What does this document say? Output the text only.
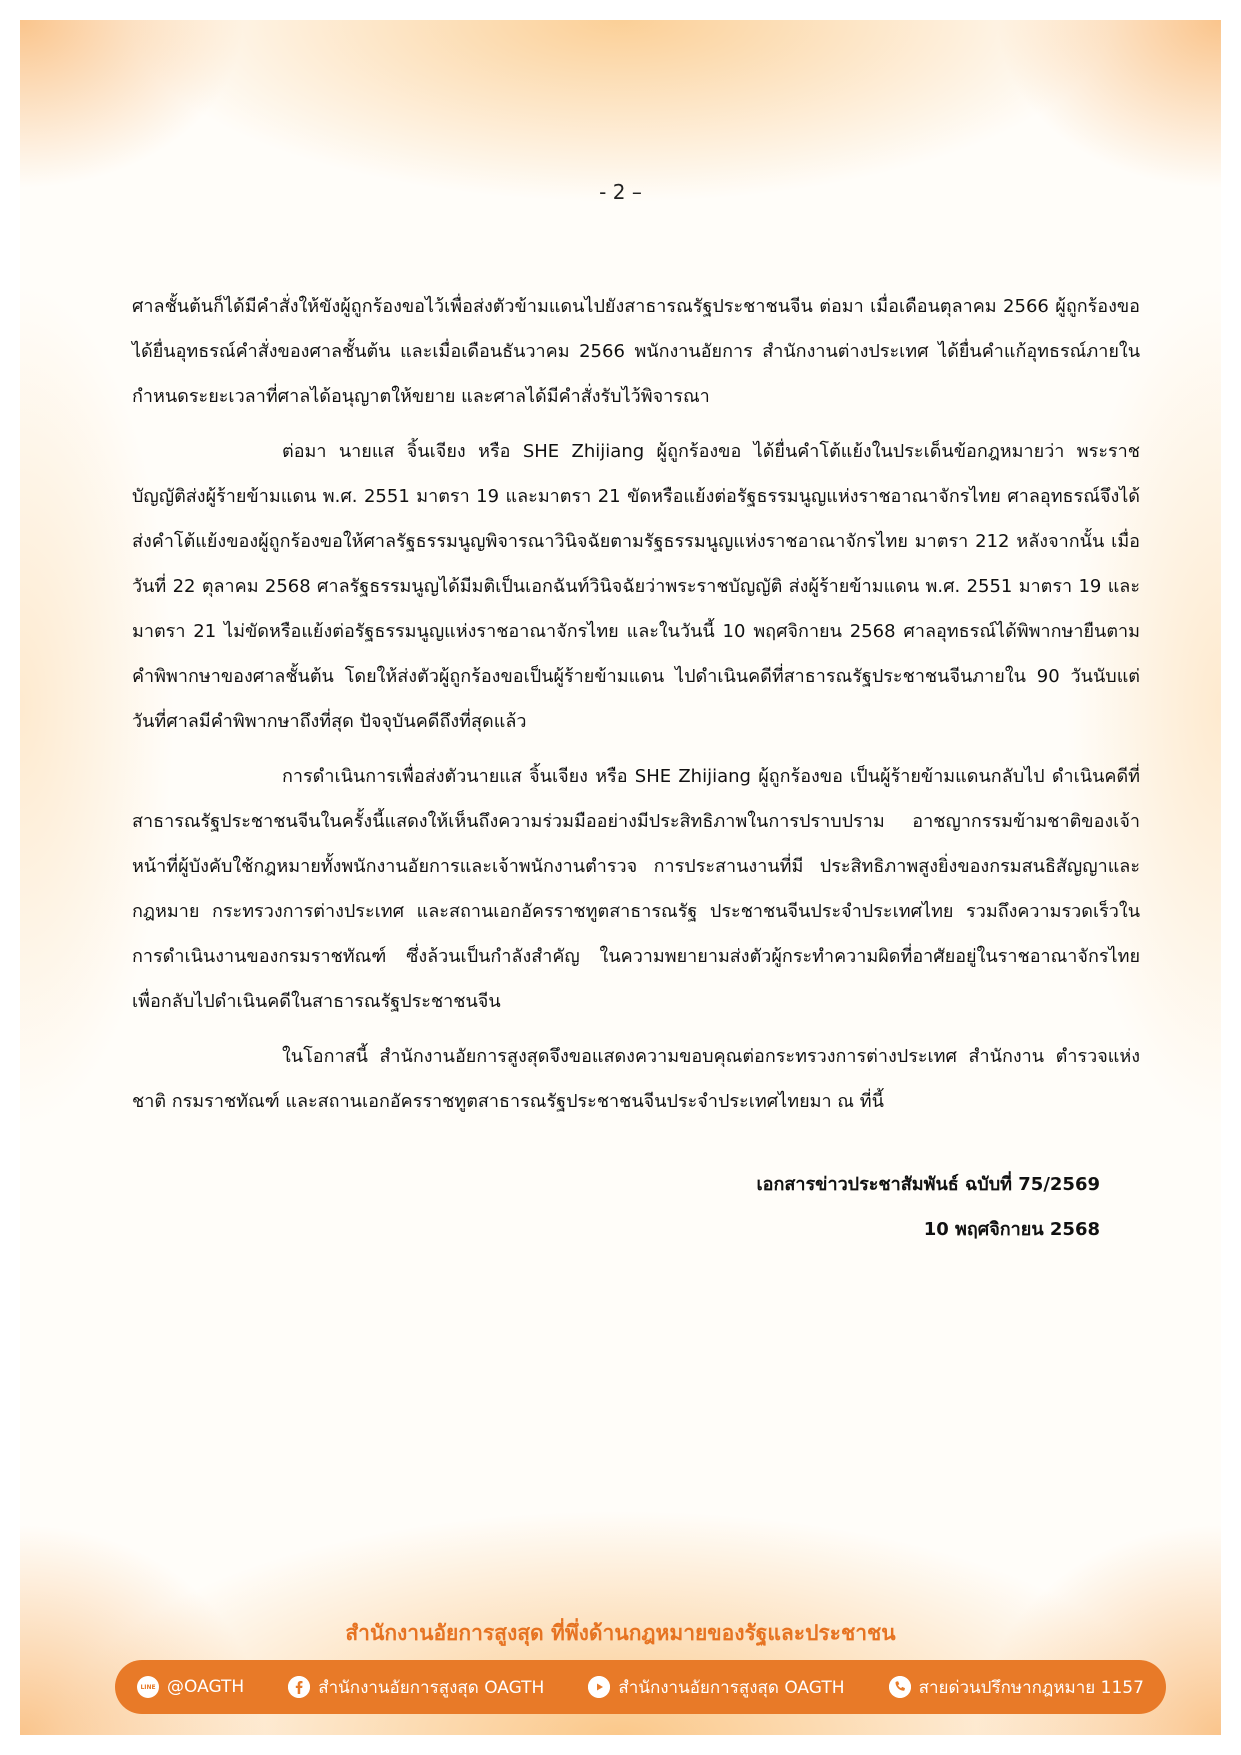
- 2 –

ศาลชั้นต้นก็ได้มีคำสั่งให้ขังผู้ถูกร้องขอไว้เพื่อส่งตัวข้ามแดนไปยังสาธารณรัฐประชาชนจีน ต่อมา เมื่อเดือนตุลาคม 2566 ผู้ถูกร้องขอได้ยื่นอุทธรณ์คำสั่งของศาลชั้นต้น และเมื่อเดือนธันวาคม 2566 พนักงานอัยการ สำนักงานต่างประเทศ ได้ยื่นคำแก้อุทธรณ์ภายในกำหนดระยะเวลาที่ศาลได้อนุญาตให้ขยาย และศาลได้มีคำสั่งรับไว้พิจารณา

ต่อมา นายแส จิ้นเจียง หรือ SHE Zhijiang ผู้ถูกร้องขอ ได้ยื่นคำโต้แย้งในประเด็นข้อกฎหมายว่า พระราชบัญญัติส่งผู้ร้ายข้ามแดน พ.ศ. 2551 มาตรา 19 และมาตรา 21 ขัดหรือแย้งต่อรัฐธรรมนูญแห่งราชอาณาจักรไทย ศาลอุทธรณ์จึงได้ส่งคำโต้แย้งของผู้ถูกร้องขอให้ศาลรัฐธรรมนูญพิจารณาวินิจฉัยตามรัฐธรรมนูญแห่งราชอาณาจักรไทย มาตรา 212 หลังจากนั้น เมื่อวันที่ 22 ตุลาคม 2568 ศาลรัฐธรรมนูญได้มีมติเป็นเอกฉันท์วินิจฉัยว่าพระราชบัญญัติ ส่งผู้ร้ายข้ามแดน พ.ศ. 2551 มาตรา 19 และมาตรา 21 ไม่ขัดหรือแย้งต่อรัฐธรรมนูญแห่งราชอาณาจักรไทย และในวันนี้ 10 พฤศจิกายน 2568 ศาลอุทธรณ์ได้พิพากษายืนตามคำพิพากษาของศาลชั้นต้น โดยให้ส่งตัวผู้ถูกร้องขอเป็นผู้ร้ายข้ามแดน ไปดำเนินคดีที่สาธารณรัฐประชาชนจีนภายใน 90 วันนับแต่วันที่ศาลมีคำพิพากษาถึงที่สุด ปัจจุบันคดีถึงที่สุดแล้ว

การดำเนินการเพื่อส่งตัวนายแส จิ้นเจียง หรือ SHE Zhijiang ผู้ถูกร้องขอ เป็นผู้ร้ายข้ามแดนกลับไป ดำเนินคดีที่สาธารณรัฐประชาชนจีนในครั้งนี้แสดงให้เห็นถึงความร่วมมืออย่างมีประสิทธิภาพในการปราบปราม อาชญากรรมข้ามชาติของเจ้าหน้าที่ผู้บังคับใช้กฎหมายทั้งพนักงานอัยการและเจ้าพนักงานตำรวจ การประสานงานที่มี ประสิทธิภาพสูงยิ่งของกรมสนธิสัญญาและกฎหมาย กระทรวงการต่างประเทศ และสถานเอกอัครราชทูตสาธารณรัฐ ประชาชนจีนประจำประเทศไทย รวมถึงความรวดเร็วในการดำเนินงานของกรมราชทัณฑ์ ซึ่งล้วนเป็นกำลังสำคัญ ในความพยายามส่งตัวผู้กระทำความผิดที่อาศัยอยู่ในราชอาณาจักรไทยเพื่อกลับไปดำเนินคดีในสาธารณรัฐประชาชนจีน

ในโอกาสนี้ สำนักงานอัยการสูงสุดจึงขอแสดงความขอบคุณต่อกระทรวงการต่างประเทศ สำนักงาน ตำรวจแห่งชาติ กรมราชทัณฑ์ และสถานเอกอัครราชทูตสาธารณรัฐประชาชนจีนประจำประเทศไทยมา ณ ที่นี้

เอกสารข่าวประชาสัมพันธ์ ฉบับที่ 75/2569
10 พฤศจิกายน 2568
สำนักงานอัยการสูงสุด ที่พึ่งด้านกฎหมายของรัฐและประชาชน
LINE @OAGTH	สำนักงานอัยการสูงสุด OAGTH	สำนักงานอัยการสูงสุด OAGTH	สายด่วนปรึกษากฎหมาย 1157
